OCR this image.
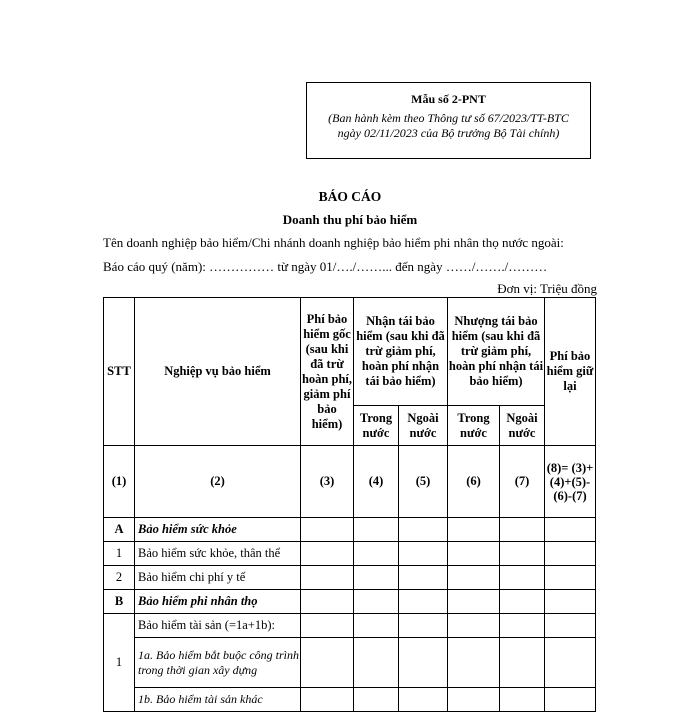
Mẫu số 2-PNT
(Ban hành kèm theo Thông tư số 67/2023/TT-BTC ngày 02/11/2023 của Bộ trưởng Bộ Tài chính)
BÁO CÁO
Doanh thu phí bảo hiểm
Tên doanh nghiệp bảo hiểm/Chi nhánh doanh nghiệp bảo hiểm phi nhân thọ nước ngoài:
Báo cáo quý (năm): …………… từ ngày 01/…./……... đến ngày ……/……./………
Đơn vị: Triệu đồng
STT	Nghiệp vụ bảo hiểm	Phí bảo hiểm gốc (sau khi đã trừ hoàn phí, giảm phí bảo hiểm)	Nhận tái bảo hiểm (sau khi đã trừ giảm phí, hoàn phí nhận tái bảo hiểm)		Nhượng tái bảo hiểm (sau khi đã trừ giảm phí, hoàn phí nhận tái bảo hiểm)		Phí bảo hiểm giữ lại
			Trong nước	Ngoài nước	Trong nước	Ngoài nước	
(1)	(2)	(3)	(4)	(5)	(6)	(7)	(8)= (3)+ (4)+(5)- (6)-(7)
A	Bảo hiểm sức khỏe						
1	Bảo hiểm sức khỏe, thân thể						
2	Bảo hiểm chi phí y tế						
B	Bảo hiểm phi nhân thọ						
1	Bảo hiểm tài sản (=1a+1b):						
	1a. Bảo hiểm bắt buộc công trình trong thời gian xây dựng						
	1b. Bảo hiểm tài sản khác						
